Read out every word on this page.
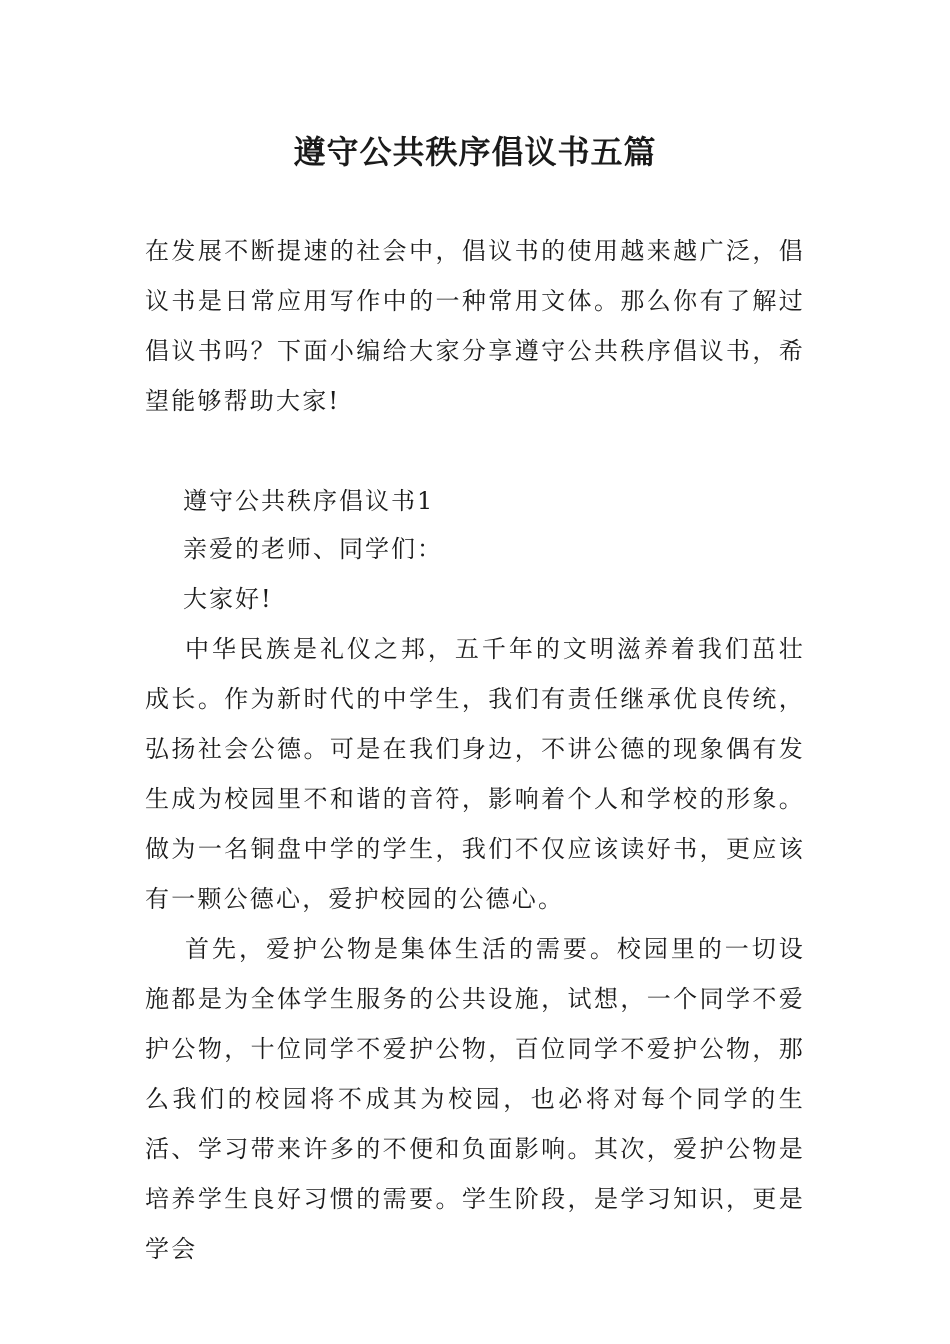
遵守公共秩序倡议书五篇
在发展不断提速的社会中，倡议书的使用越来越广泛，倡议书是日常应用写作中的一种常用文体。那么你有了解过倡议书吗？下面小编给大家分享遵守公共秩序倡议书，希望能够帮助大家!
遵守公共秩序倡议书1
亲爱的老师、同学们：
大家好!
中华民族是礼仪之邦，五千年的文明滋养着我们茁壮成长。作为新时代的中学生，我们有责任继承优良传统，弘扬社会公德。可是在我们身边，不讲公德的现象偶有发生成为校园里不和谐的音符，影响着个人和学校的形象。做为一名铜盘中学的学生，我们不仅应该读好书，更应该有一颗公德心，爱护校园的公德心。
首先，爱护公物是集体生活的需要。校园里的一切设施都是为全体学生服务的公共设施，试想，一个同学不爱护公物，十位同学不爱护公物，百位同学不爱护公物，那么我们的校园将不成其为校园，也必将对每个同学的生活、学习带来许多的不便和负面影响。其次，爱护公物是培养学生良好习惯的需要。学生阶段，是学习知识，更是学会
